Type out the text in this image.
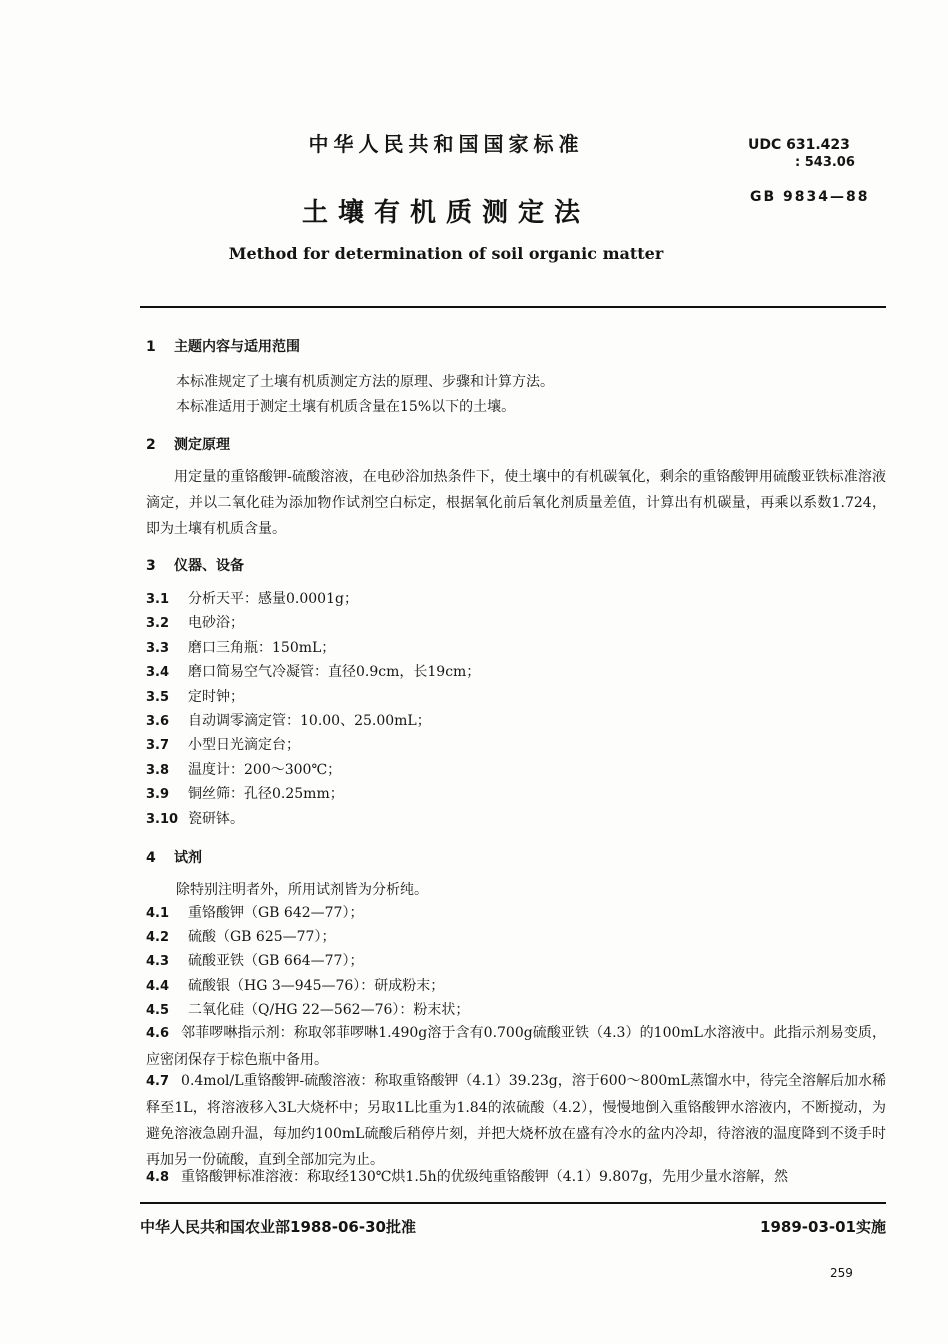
中华人民共和国国家标准	UDC 631.423
: 543.06
GB 9834—88
土壤有机质测定法
Method for determination of soil organic matter
1 主题内容与适用范围
本标准规定了土壤有机质测定方法的原理、步骤和计算方法。
本标准适用于测定土壤有机质含量在15%以下的土壤。
2 测定原理
用定量的重铬酸钾-硫酸溶液，在电砂浴加热条件下，使土壤中的有机碳氧化，剩余的重铬酸钾用硫酸亚铁标准溶液滴定，并以二氧化硅为添加物作试剂空白标定，根据氧化前后氧化剂质量差值，计算出有机碳量，再乘以系数1.724，即为土壤有机质含量。
3 仪器、设备
3.1 分析天平：感量0.0001g；
3.2 电砂浴；
3.3 磨口三角瓶：150mL；
3.4 磨口简易空气冷凝管：直径0.9cm，长19cm；
3.5 定时钟；
3.6 自动调零滴定管：10.00、25.00mL；
3.7 小型日光滴定台；
3.8 温度计：200～300℃；
3.9 铜丝筛：孔径0.25mm；
3.10 瓷研钵。
4 试剂
除特别注明者外，所用试剂皆为分析纯。
4.1 重铬酸钾（GB 642—77）；
4.2 硫酸（GB 625—77）；
4.3 硫酸亚铁（GB 664—77）；
4.4 硫酸银（HG 3—945—76）：研成粉末；
4.5 二氧化硅（Q/HG 22—562—76）：粉末状；
4.6 邻菲啰啉指示剂：称取邻菲啰啉1.490g溶于含有0.700g硫酸亚铁（4.3）的100mL水溶液中。此指示剂易变质，应密闭保存于棕色瓶中备用。
4.7 0.4mol/L重铬酸钾-硫酸溶液：称取重铬酸钾（4.1）39.23g，溶于600～800mL蒸馏水中，待完全溶解后加水稀释至1L，将溶液移入3L大烧杯中；另取1L比重为1.84的浓硫酸（4.2），慢慢地倒入重铬酸钾水溶液内，不断搅动，为避免溶液急剧升温，每加约100mL硫酸后稍停片刻，并把大烧杯放在盛有冷水的盆内冷却，待溶液的温度降到不烫手时再加另一份硫酸，直到全部加完为止。
4.8 重铬酸钾标准溶液：称取经130℃烘1.5h的优级纯重铬酸钾（4.1）9.807g，先用少量水溶解，然
中华人民共和国农业部1988-06-30批准	1989-03-01实施
259
